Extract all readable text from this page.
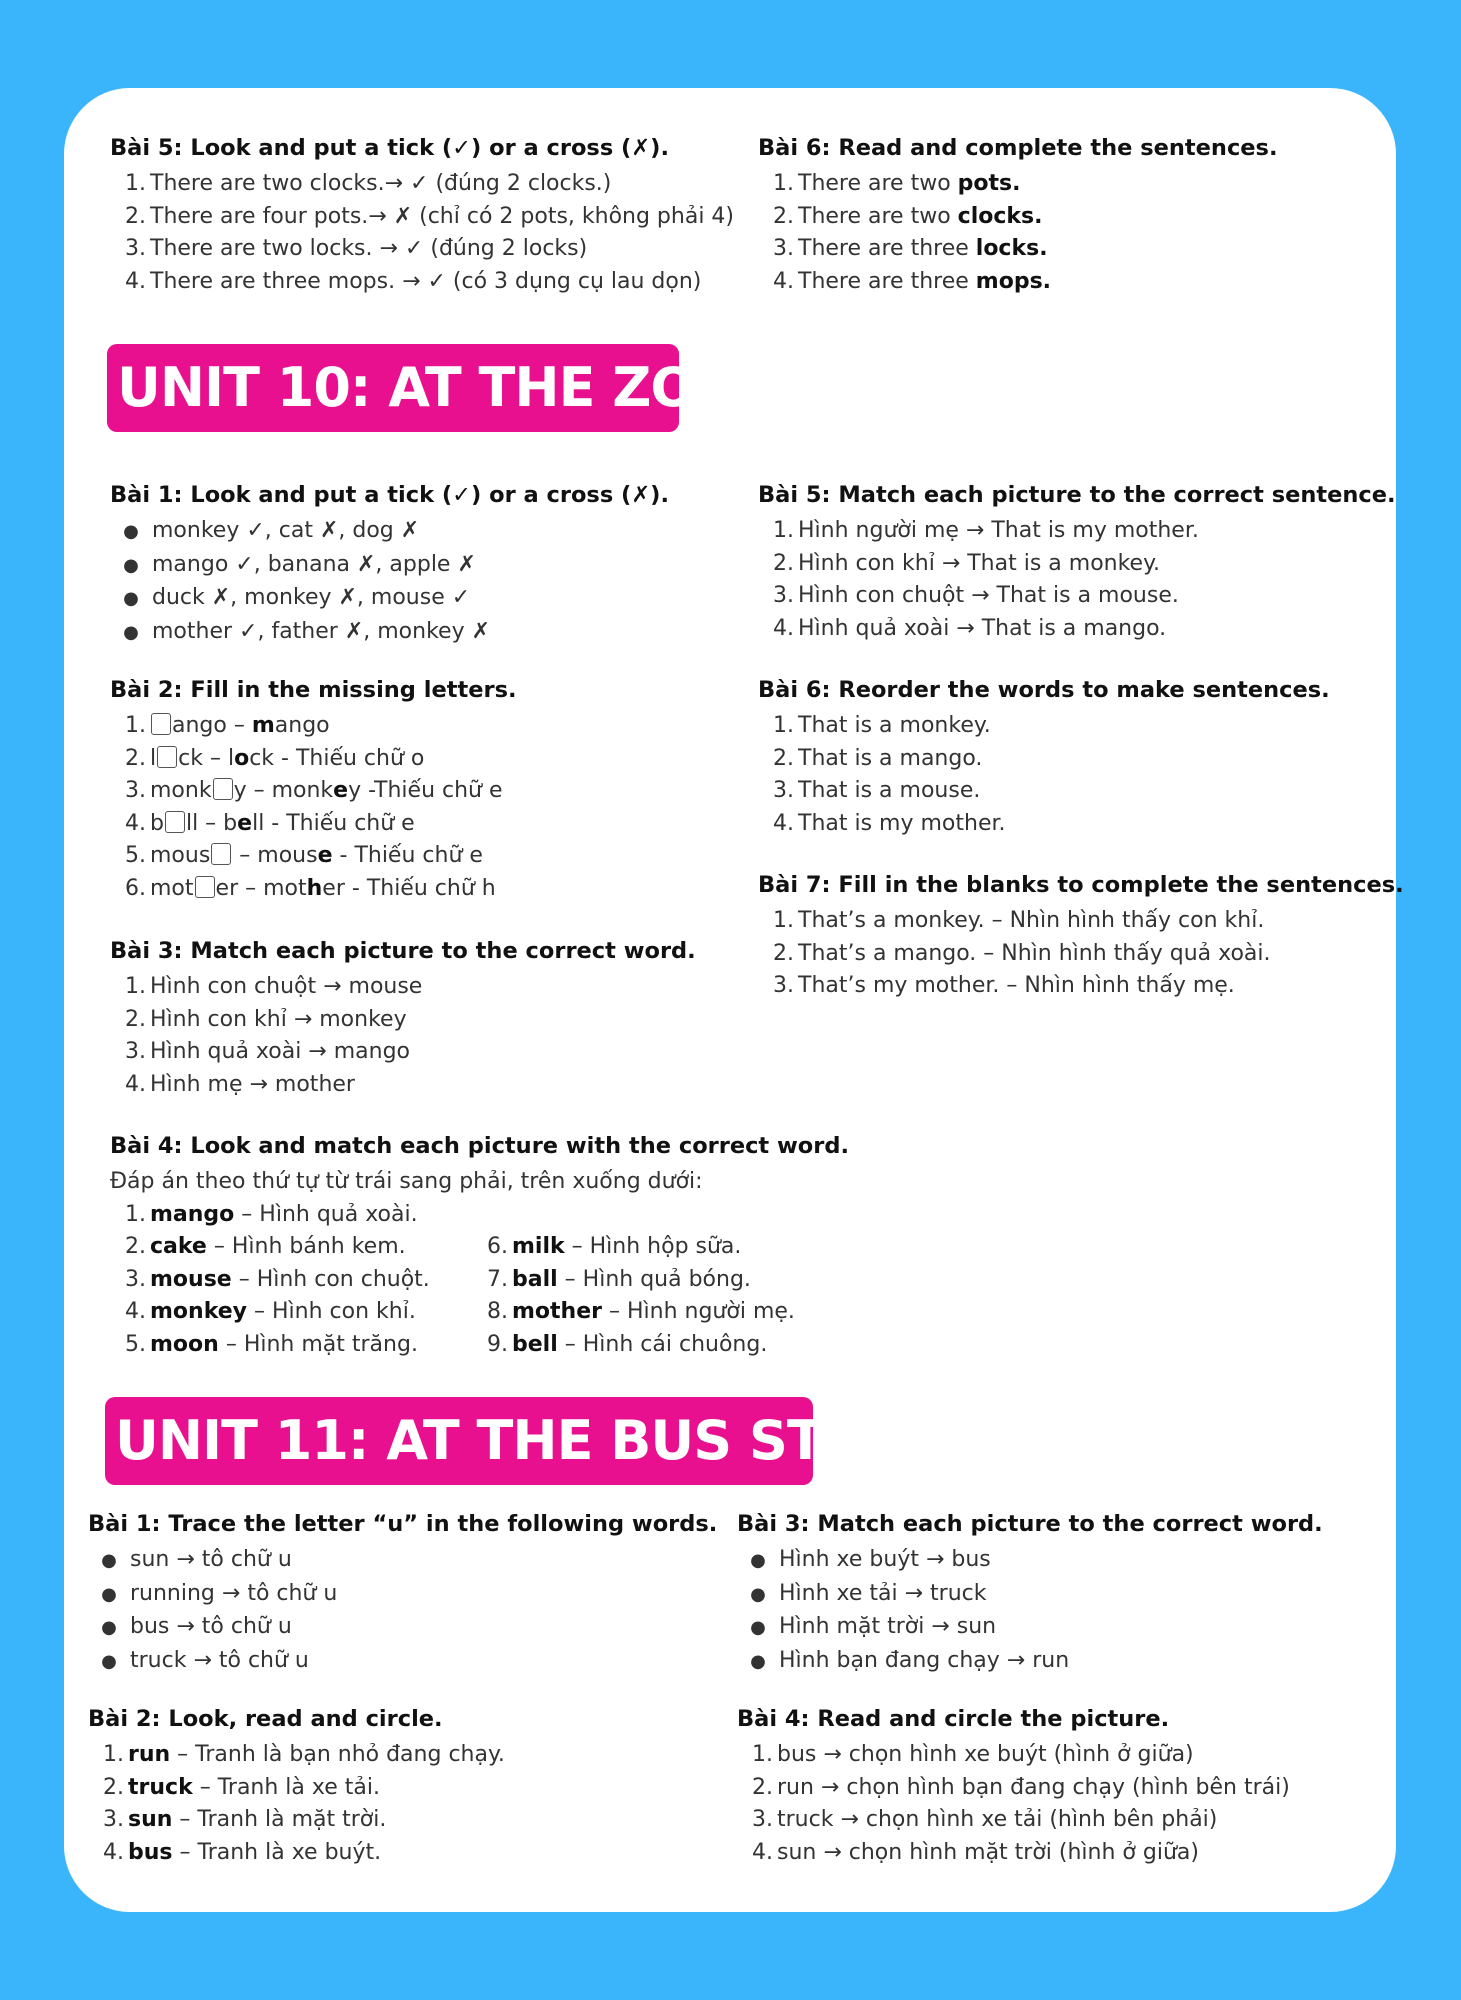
Bài 5: Look and put a tick (✓) or a cross (✗).
1. There are two clocks.→ ✓ (đúng 2 clocks.)
2. There are four pots.→ ✗ (chỉ có 2 pots, không phải 4)
3. There are two locks. → ✓ (đúng 2 locks)
4. There are three mops. → ✓ (có 3 dụng cụ lau dọn)
Bài 6: Read and complete the sentences.
1. There are two pots.
2. There are two clocks.
3. There are three locks.
4. There are three mops.
UNIT 10: AT THE ZOO
Bài 1: Look and put a tick (✓) or a cross (✗).
● monkey ✓, cat ✗, dog ✗
● mango ✓, banana ✗, apple ✗
● duck ✗, monkey ✗, mouse ✓
● mother ✓, father ✗, monkey ✗
Bài 2: Fill in the missing letters.
1. ango – mango
2. l ck – lock - Thiếu chữ o
3. monk y – monkey -Thiếu chữ e
4. b ll – bell - Thiếu chữ e
5. mous – mouse - Thiếu chữ e
6. mot er – mother - Thiếu chữ h
Bài 3: Match each picture to the correct word.
1. Hình con chuột → mouse
2. Hình con khỉ → monkey
3. Hình quả xoài → mango
4. Hình mẹ → mother
Bài 4: Look and match each picture with the correct word.
Đáp án theo thứ tự từ trái sang phải, trên xuống dưới:
1. mango – Hình quả xoài.
2. cake – Hình bánh kem.
3. mouse – Hình con chuột.
4. monkey – Hình con khỉ.
5. moon – Hình mặt trăng.
6. milk – Hình hộp sữa.
7. ball – Hình quả bóng.
8. mother – Hình người mẹ.
9. bell – Hình cái chuông.
Bài 5: Match each picture to the correct sentence.
1. Hình người mẹ → That is my mother.
2. Hình con khỉ → That is a monkey.
3. Hình con chuột → That is a mouse.
4. Hình quả xoài → That is a mango.
Bài 6: Reorder the words to make sentences.
1. That is a monkey.
2. That is a mango.
3. That is a mouse.
4. That is my mother.
Bài 7: Fill in the blanks to complete the sentences.
1. That’s a monkey. – Nhìn hình thấy con khỉ.
2. That’s a mango. – Nhìn hình thấy quả xoài.
3. That’s my mother. – Nhìn hình thấy mẹ.
UNIT 11: AT THE BUS STOP
Bài 1: Trace the letter “u” in the following words.
● sun → tô chữ u
● running → tô chữ u
● bus → tô chữ u
● truck → tô chữ u
Bài 2: Look, read and circle.
1. run – Tranh là bạn nhỏ đang chạy.
2. truck – Tranh là xe tải.
3. sun – Tranh là mặt trời.
4. bus – Tranh là xe buýt.
Bài 3: Match each picture to the correct word.
● Hình xe buýt → bus
● Hình xe tải → truck
● Hình mặt trời → sun
● Hình bạn đang chạy → run
Bài 4: Read and circle the picture.
1. bus → chọn hình xe buýt (hình ở giữa)
2. run → chọn hình bạn đang chạy (hình bên trái)
3. truck → chọn hình xe tải (hình bên phải)
4. sun → chọn hình mặt trời (hình ở giữa)
